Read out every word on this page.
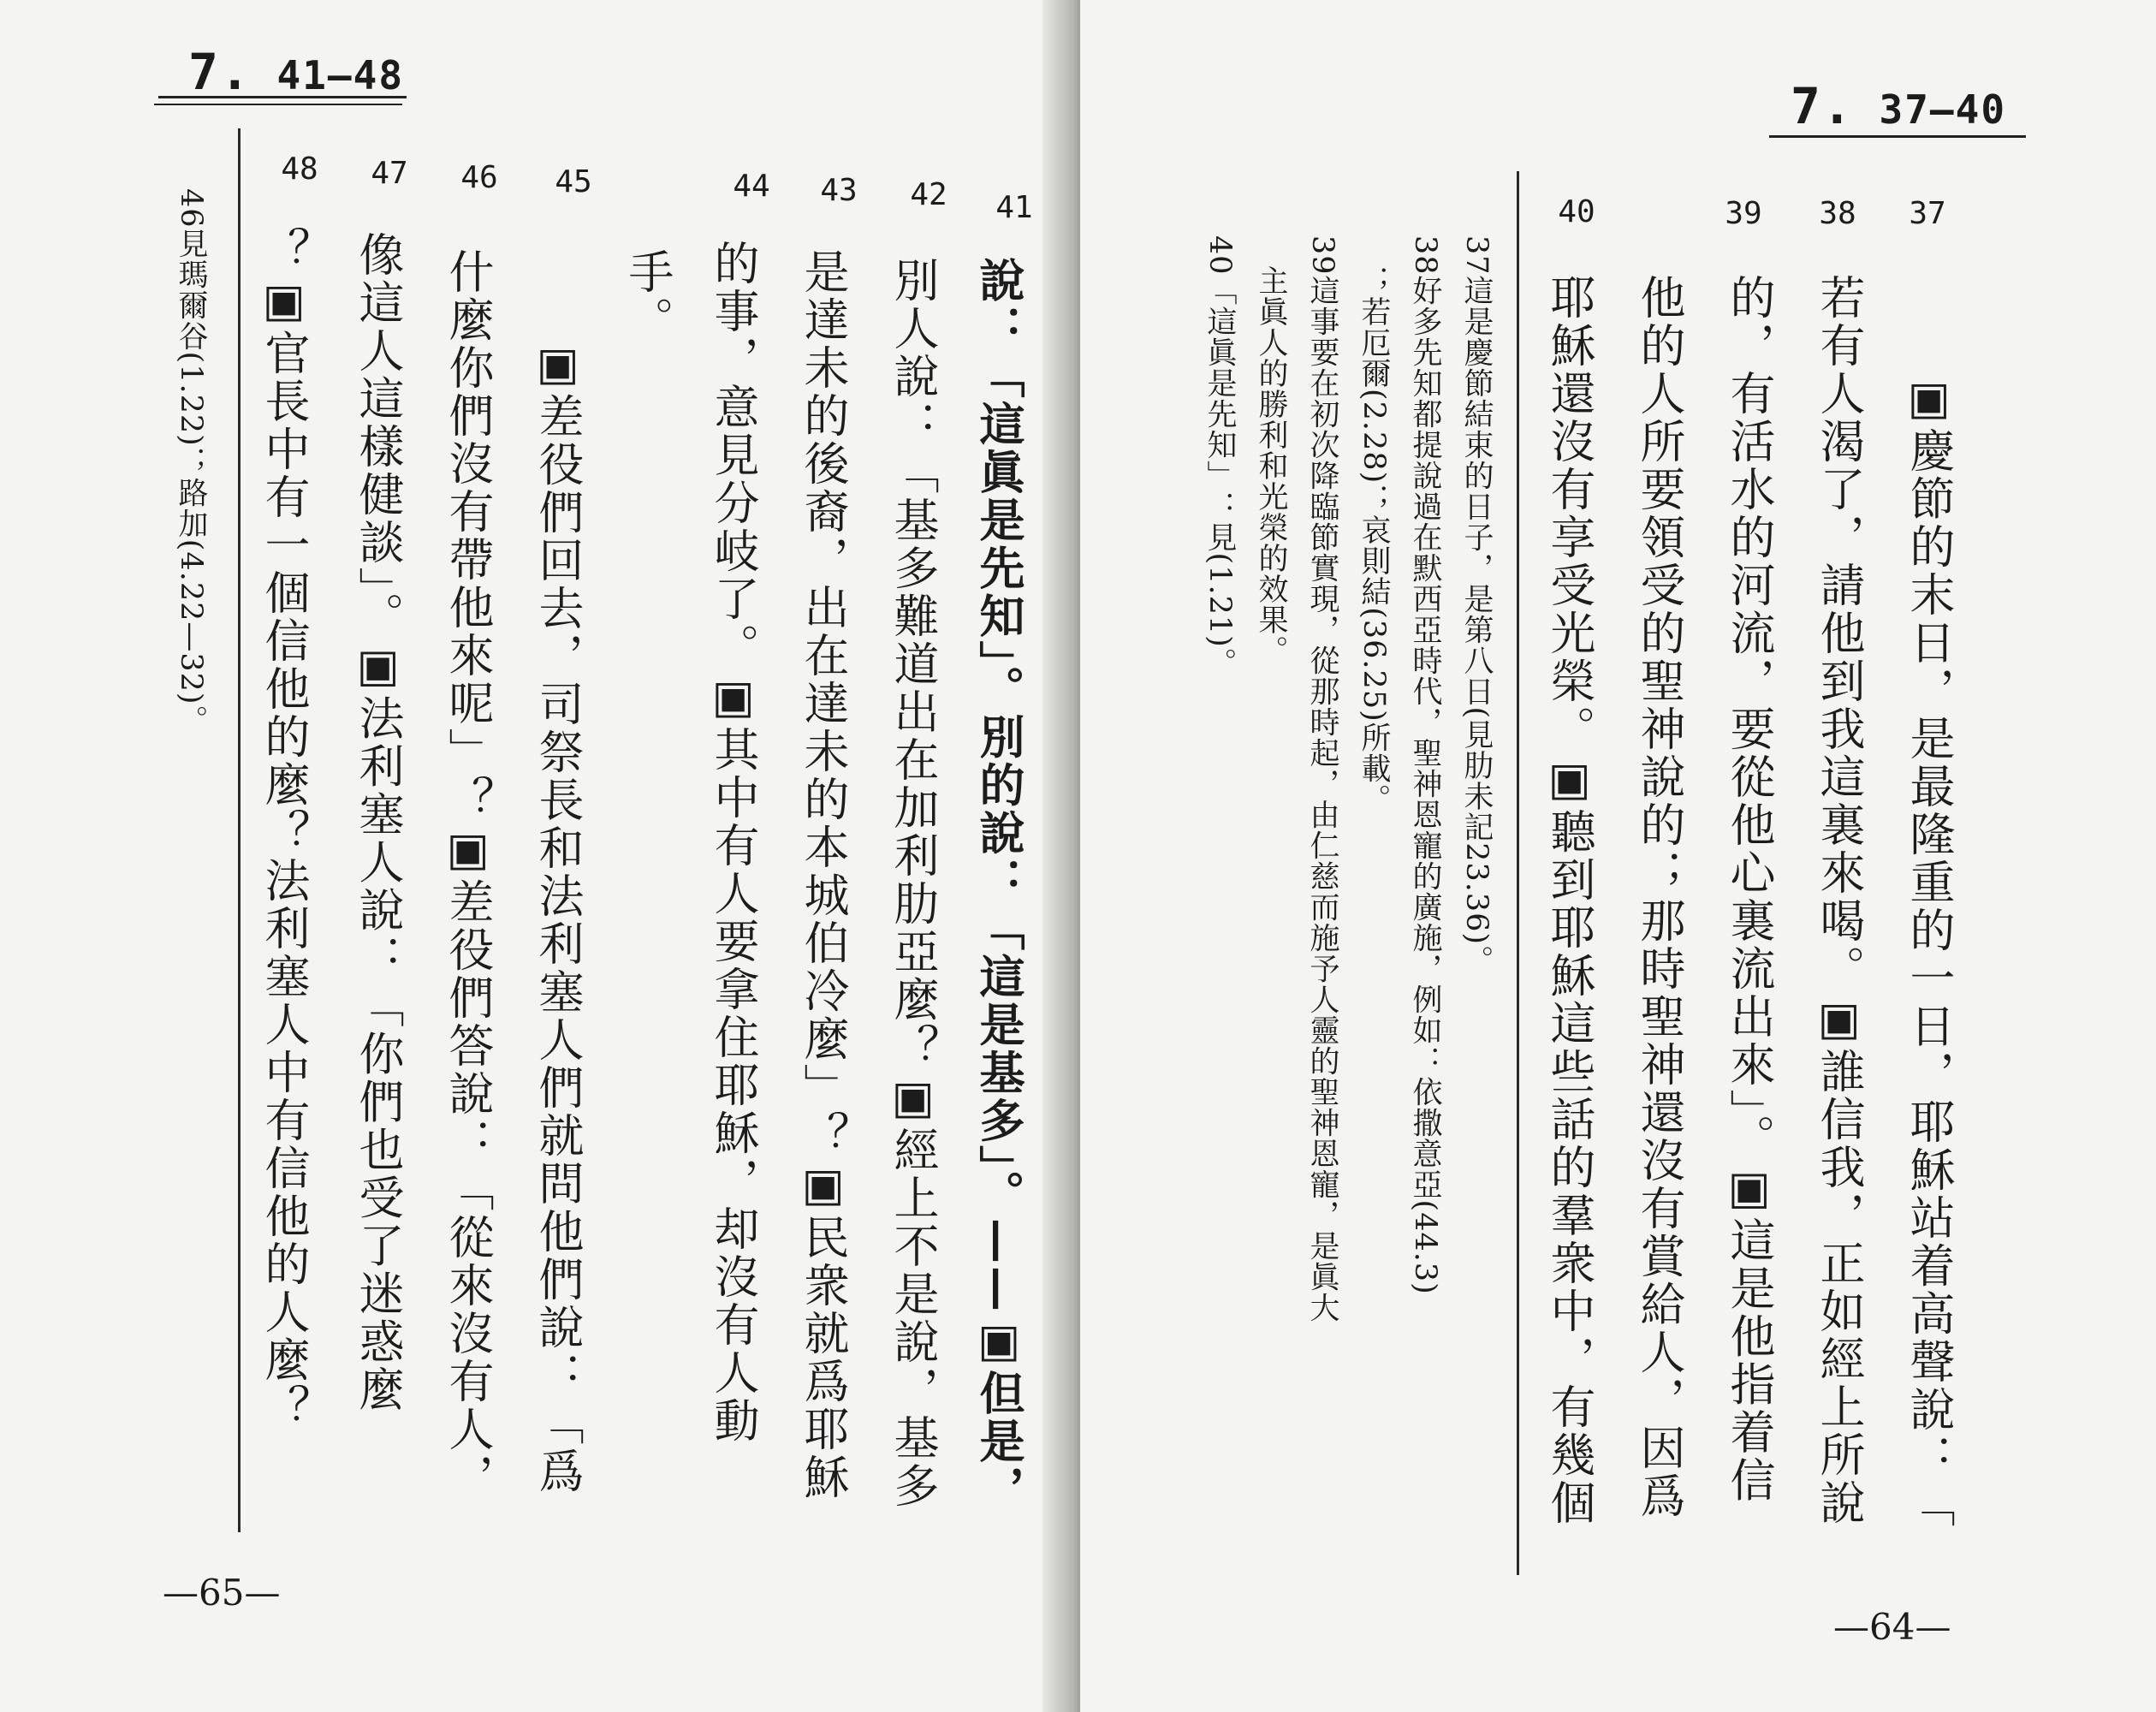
7. 41—48
48 47 46 45	44 43 42 41
說：「這眞是先知」。別的說：「這是基多」。——▣但是，
別人說：「基多難道出在加利肋亞麼？▣經上不是說，基多
是達未的後裔，出在達未的本城伯冷麼」？▣民衆就爲耶穌
的事，意見分岐了。▣其中有人要拿住耶穌，却沒有人動
手。
▣差役們回去，司祭長和法利塞人們就問他們說：「爲
什麼你們沒有帶他來呢」？▣差役們答說：「從來沒有人，
像這人這樣健談」。▣法利塞人說：「你們也受了迷惑麼
？▣官長中有一個信他的麼？法利塞人中有信他的人麼？
46見瑪爾谷(1.22)；路加(4.22—32)。
—65—
7. 37—40
40	39 38 37
▣慶節的末日，是最隆重的一日，耶穌站着高聲說：「
若有人渴了，請他到我這裏來喝。▣誰信我，正如經上所說
的，有活水的河流，要從他心裏流出來」。▣這是他指着信
他的人所要領受的聖神說的；那時聖神還沒有賞給人，因爲
耶穌還沒有享受光榮。▣聽到耶穌這些話的羣衆中，有幾個
37這是慶節結束的日子，是第八日(見肋未記23.36)。
38好多先知都提說過在默西亞時代，聖神恩寵的廣施，例如：依撒意亞(44.3)
；若厄爾(2.28)；哀則結(36.25)所載。
39這事要在初次降臨節實現，從那時起，由仁慈而施予人靈的聖神恩寵，是眞大
主眞人的勝利和光榮的效果。
40「這眞是先知」：見(1.21)。
—64—
